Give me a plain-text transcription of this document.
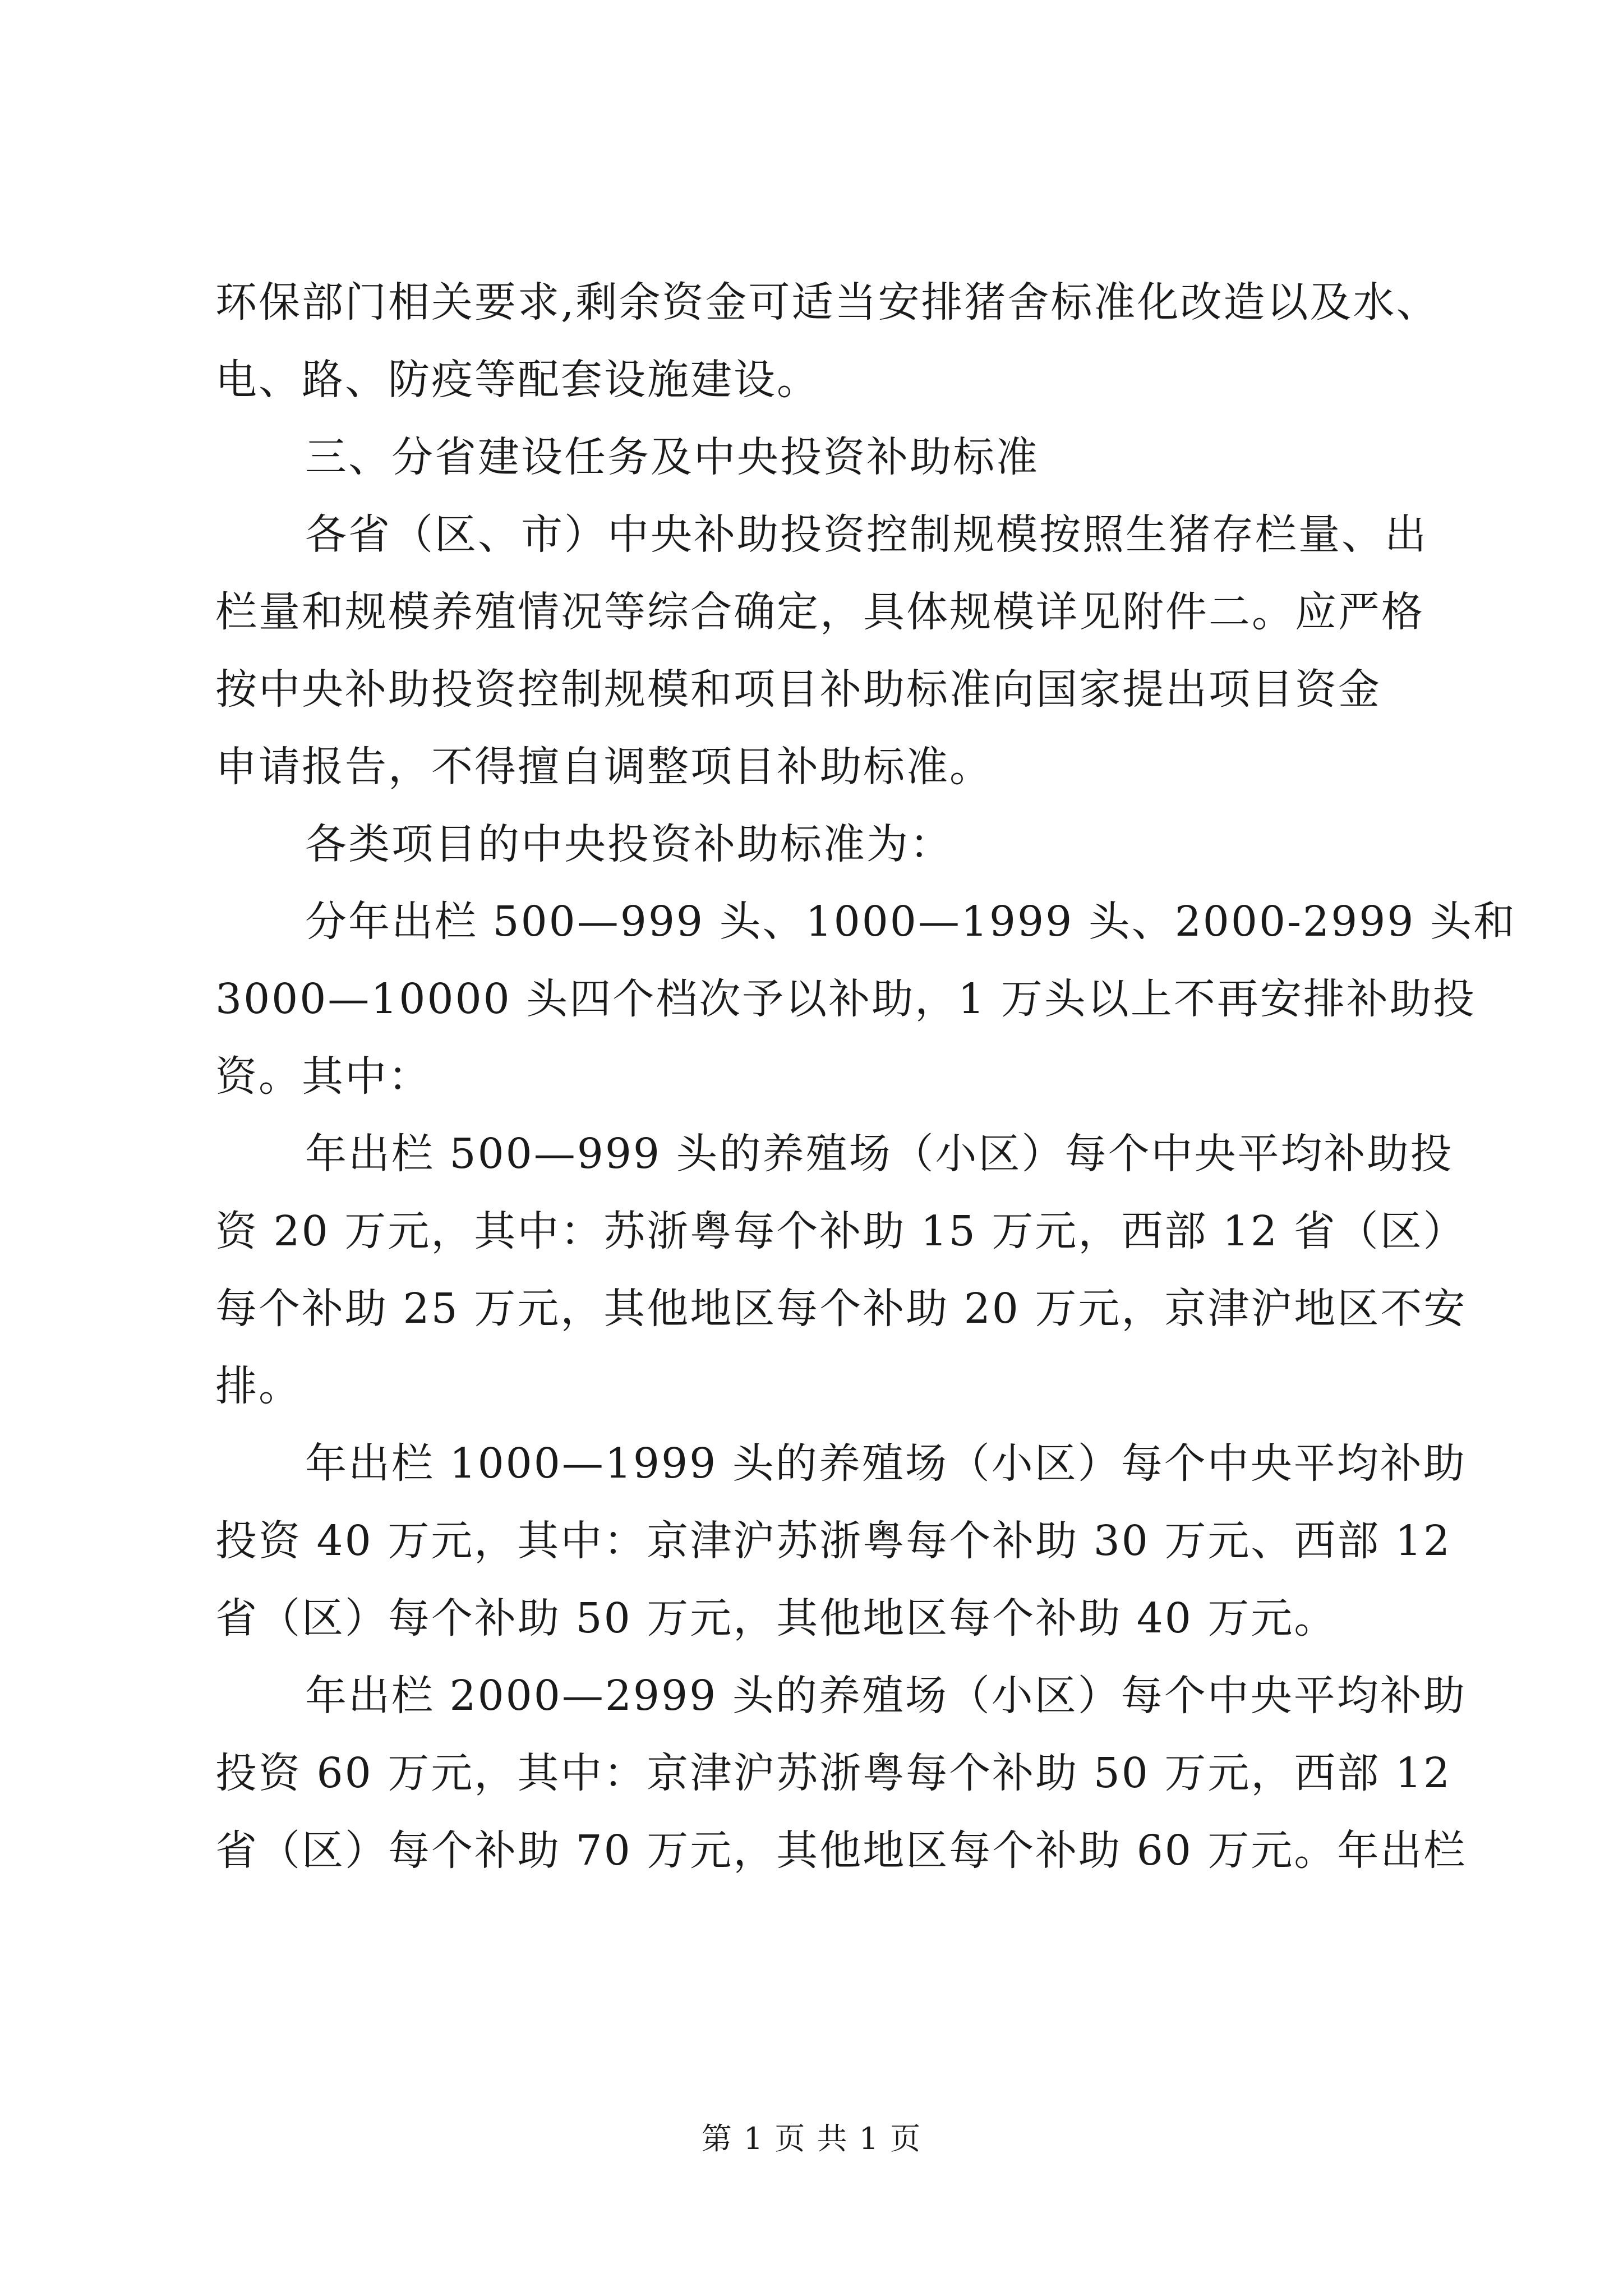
环保部门相关要求,剩余资金可适当安排猪舍标准化改造以及水、
电、路、防疫等配套设施建设。
三、分省建设任务及中央投资补助标准
各省（区、市）中央补助投资控制规模按照生猪存栏量、出
栏量和规模养殖情况等综合确定，具体规模详见附件二。应严格
按中央补助投资控制规模和项目补助标准向国家提出项目资金
申请报告，不得擅自调整项目补助标准。
各类项目的中央投资补助标准为：
分年出栏 500—999 头、1000—1999 头、2000-2999 头和
3000—10000 头四个档次予以补助，1 万头以上不再安排补助投
资。其中：
年出栏 500—999 头的养殖场（小区）每个中央平均补助投
资 20 万元，其中：苏浙粤每个补助 15 万元，西部 12 省（区）
每个补助 25 万元，其他地区每个补助 20 万元，京津沪地区不安
排。
年出栏 1000—1999 头的养殖场（小区）每个中央平均补助
投资 40 万元，其中：京津沪苏浙粤每个补助 30 万元、西部 12
省（区）每个补助 50 万元，其他地区每个补助 40 万元。
年出栏 2000—2999 头的养殖场（小区）每个中央平均补助
投资 60 万元，其中：京津沪苏浙粤每个补助 50 万元，西部 12
省（区）每个补助 70 万元，其他地区每个补助 60 万元。年出栏
第 1 页 共 1 页
